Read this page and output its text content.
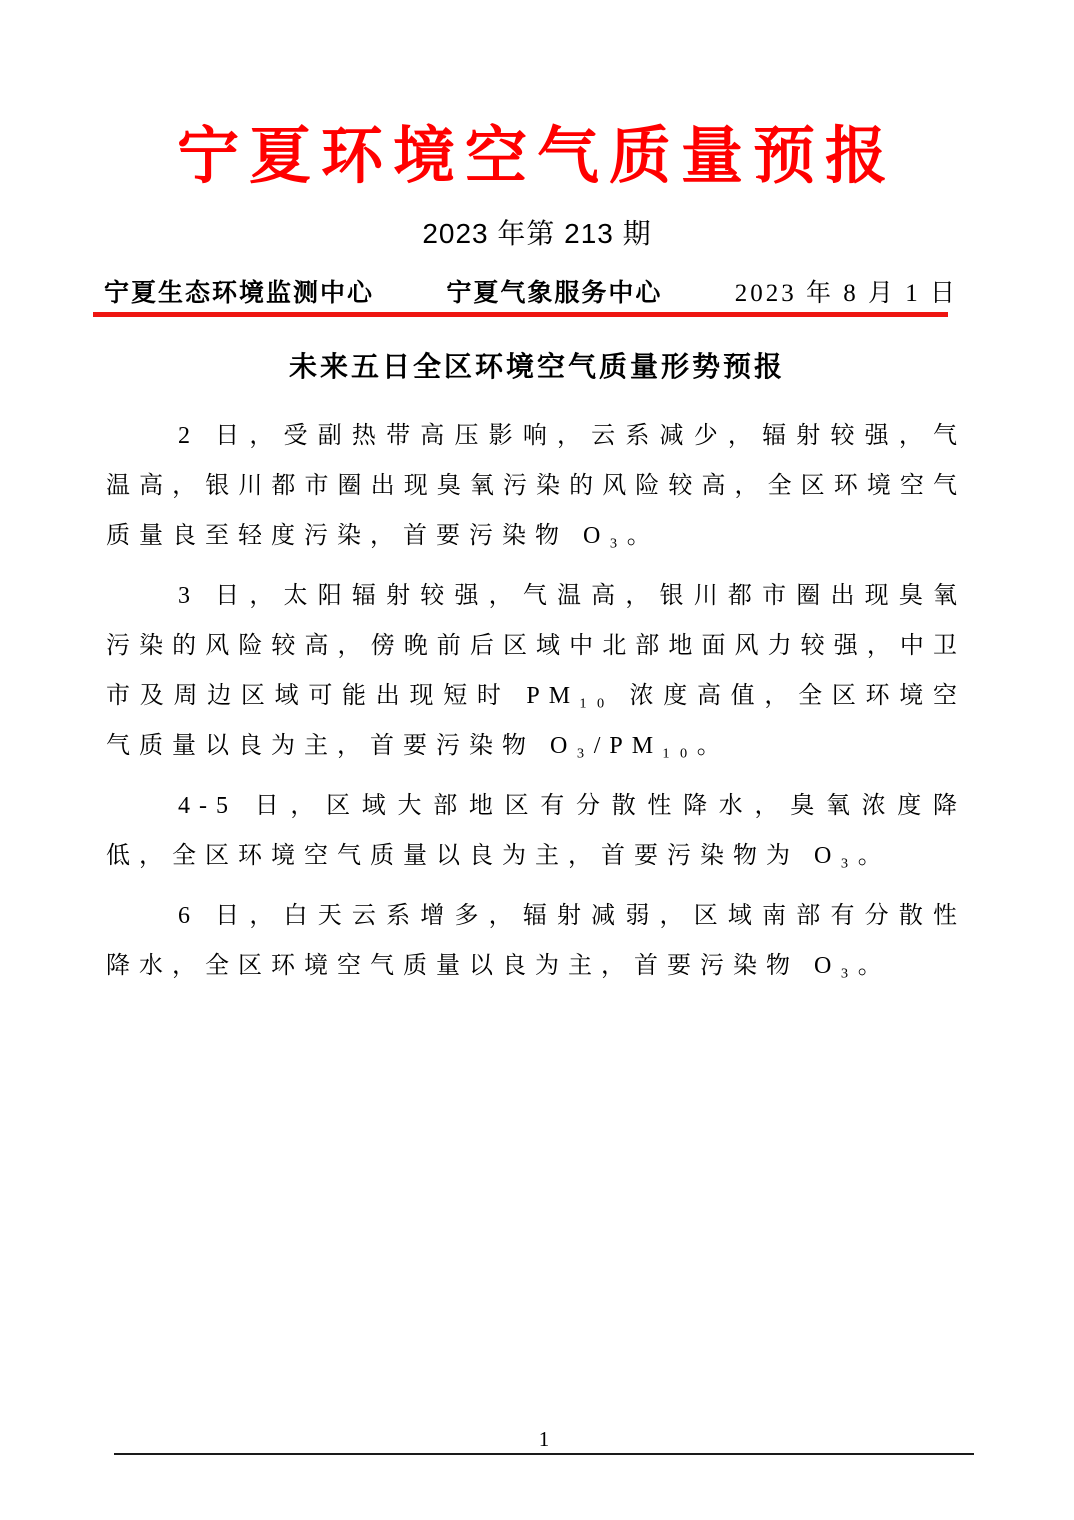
宁夏环境空气质量预报
2023 年第 213 期
宁夏生态环境监测中心	宁夏气象服务中心	2023 年 8 月 1 日
未来五日全区环境空气质量形势预报

2 日，受副热带高压影响，云系减少，辐射较强，气温高，银川都市圈出现臭氧污染的风险较高，全区环境空气质量良至轻度污染，首要污染物 O₃。

3 日，太阳辐射较强，气温高，银川都市圈出现臭氧污染的风险较高，傍晚前后区域中北部地面风力较强，中卫市及周边区域可能出现短时 PM₁₀ 浓度高值，全区环境空气质量以良为主，首要污染物 O₃/PM₁₀。

4-5 日，区域大部地区有分散性降水，臭氧浓度降低，全区环境空气质量以良为主，首要污染物为 O₃。

6 日，白天云系增多，辐射减弱，区域南部有分散性降水，全区环境空气质量以良为主，首要污染物 O₃。

1
